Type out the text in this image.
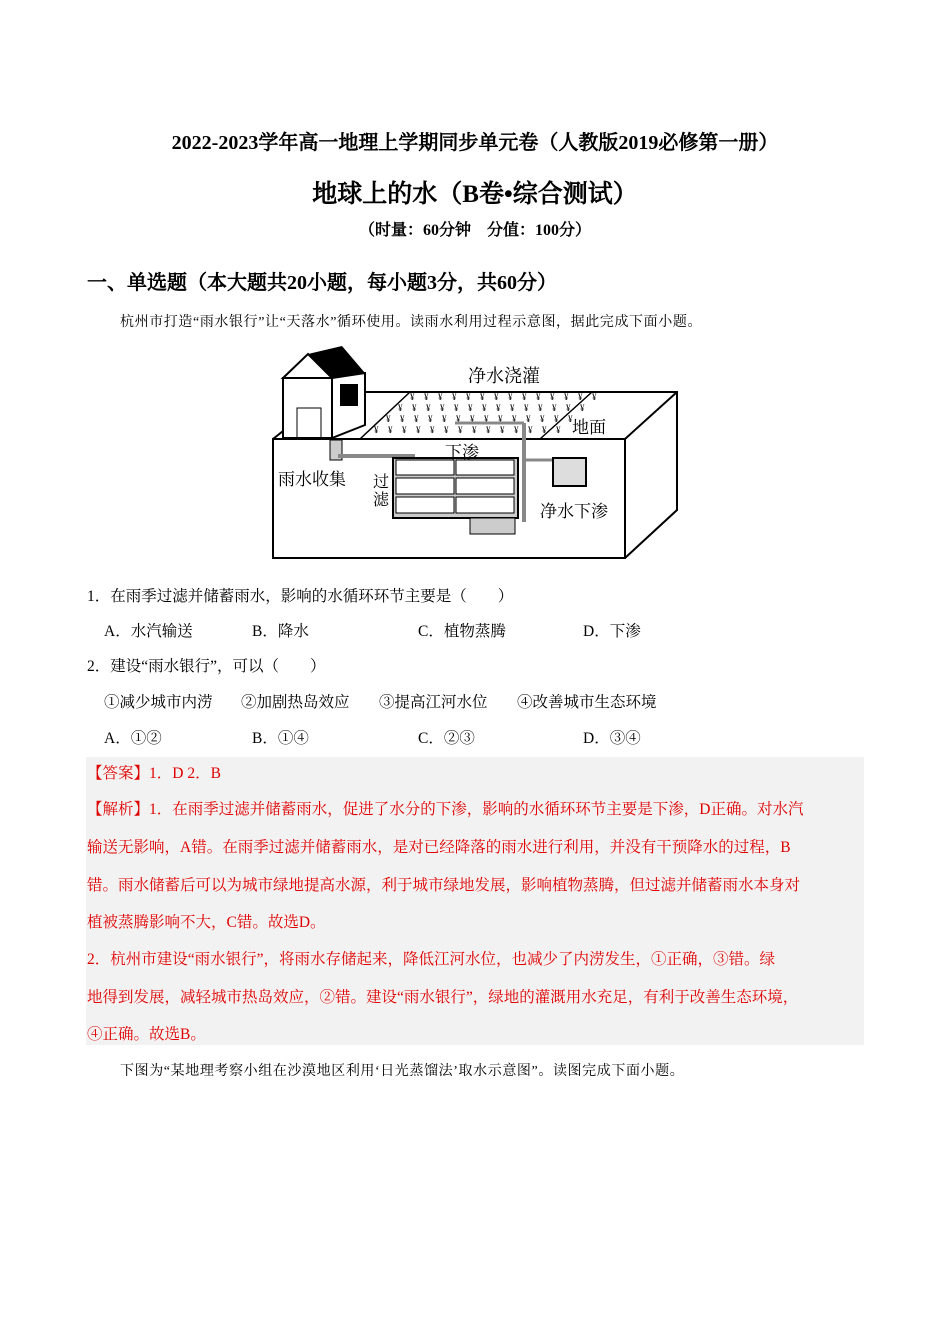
2022-2023学年高一地理上学期同步单元卷（人教版2019必修第一册）
地球上的水（B卷•综合测试）
（时量：60分钟　分值：100分）
一、单选题（本大题共20小题，每小题3分，共60分）
杭州市打造“雨水银行”让“天落水”循环使用。读雨水利用过程示意图，据此完成下面小题。
¥ ¥ ¥ ¥ ¥ ¥ ¥ ¥ ¥ ¥ ¥ ¥ ¥ ¥
¥ ¥ ¥ ¥ ¥ ¥ ¥ ¥ ¥ ¥ ¥ ¥ ¥ ¥
¥ ¥ ¥ ¥ ¥ ¥ ¥ ¥ ¥ ¥ ¥ ¥ ¥ ¥
¥ ¥ ¥ ¥ ¥ ¥ ¥ ¥ ¥ ¥ ¥ ¥ ¥ ¥
净水浇灌
地面
下渗
雨水收集 过
滤
净水下渗
1．在雨季过滤并储蓄雨水，影响的水循环环节主要是（　　）
A．水汽输送	B．降水	C．植物蒸腾	D．下渗
2．建设“雨水银行”，可以（　　）
①减少城市内涝 ②加剧热岛效应 ③提高江河水位 ④改善城市生态环境
A．①②	B．①④	C．②③	D．③④
【答案】1．D 2．B
【解析】1．在雨季过滤并储蓄雨水，促进了水分的下渗，影响的水循环环节主要是下渗，D正确。对水汽
输送无影响，A错。在雨季过滤并储蓄雨水，是对已经降落的雨水进行利用，并没有干预降水的过程，B
错。雨水储蓄后可以为城市绿地提高水源，利于城市绿地发展，影响植物蒸腾，但过滤并储蓄雨水本身对
植被蒸腾影响不大，C错。故选D。
2．杭州市建设“雨水银行”，将雨水存储起来，降低江河水位，也减少了内涝发生，①正确，③错。绿
地得到发展，减轻城市热岛效应，②错。建设“雨水银行”，绿地的灌溉用水充足，有利于改善生态环境，
④正确。故选B。
下图为“某地理考察小组在沙漠地区利用‘日光蒸馏法’取水示意图”。读图完成下面小题。
